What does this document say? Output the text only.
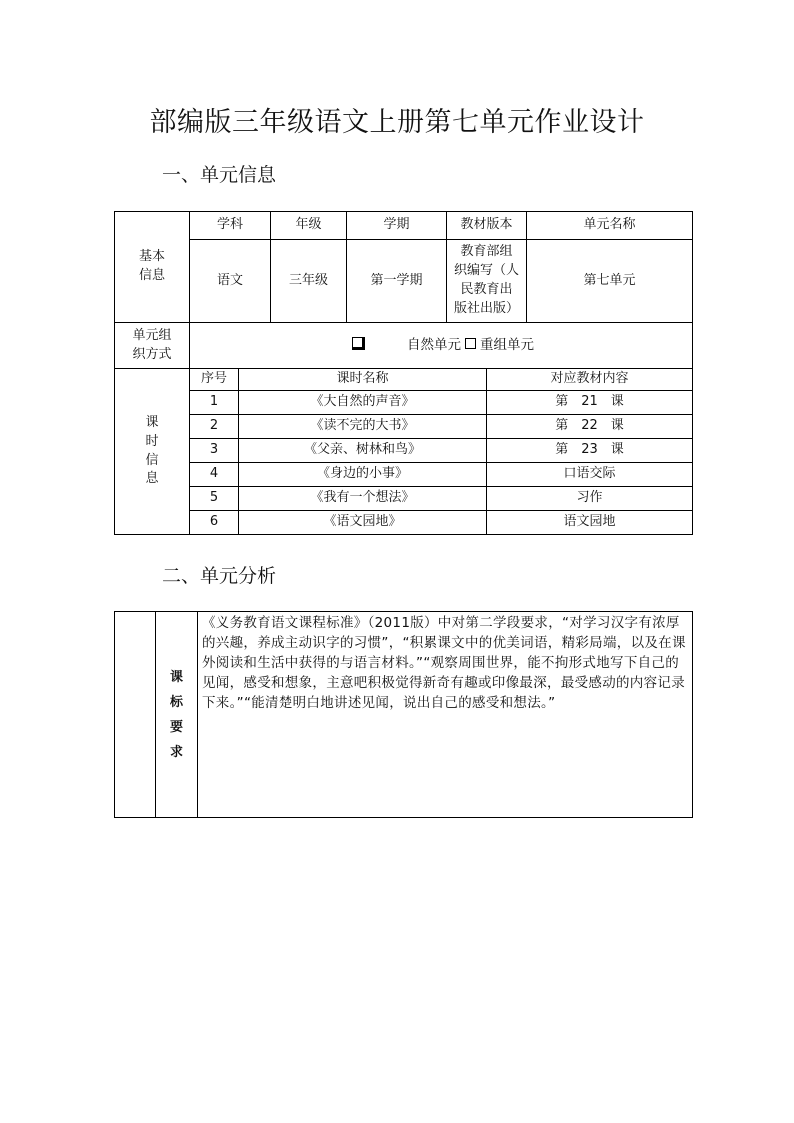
部编版三年级语文上册第七单元作业设计
一、单元信息
基本
信息	学科		年级	学期	教材版本		单元名称
	语文		三年级	第一学期	教育部组
织编写（人
民教育出
版社出版）		第七单元
单元组
织方式	自然单元 重组单元						
课
时
信
息	序号	课时名称				对应教材内容	
	1	《大自然的声音》				第　21　课	
	2	《读不完的大书》				第　22　课	
	3	《父亲、树林和鸟》				第　23　课	
	4	《身边的小事》				口语交际	
	5	《我有一个想法》				习作	
	6	《语文园地》				语文园地	
二、单元分析
	课
标
要
求	《义务教育语文课程标准》（2011版）中对第二学段要求，“对学习汉字有浓厚的兴趣，养成主动识字的习惯”，“积累课文中的优美词语，精彩局端，以及在课外阅读和生活中获得的与语言材料。”“观察周围世界，能不拘形式地写下自己的见闻，感受和想象，主意吧积极觉得新奇有趣或印像最深，最受感动的内容记录下来。”“能清楚明白地讲述见闻，说出自己的感受和想法。”
